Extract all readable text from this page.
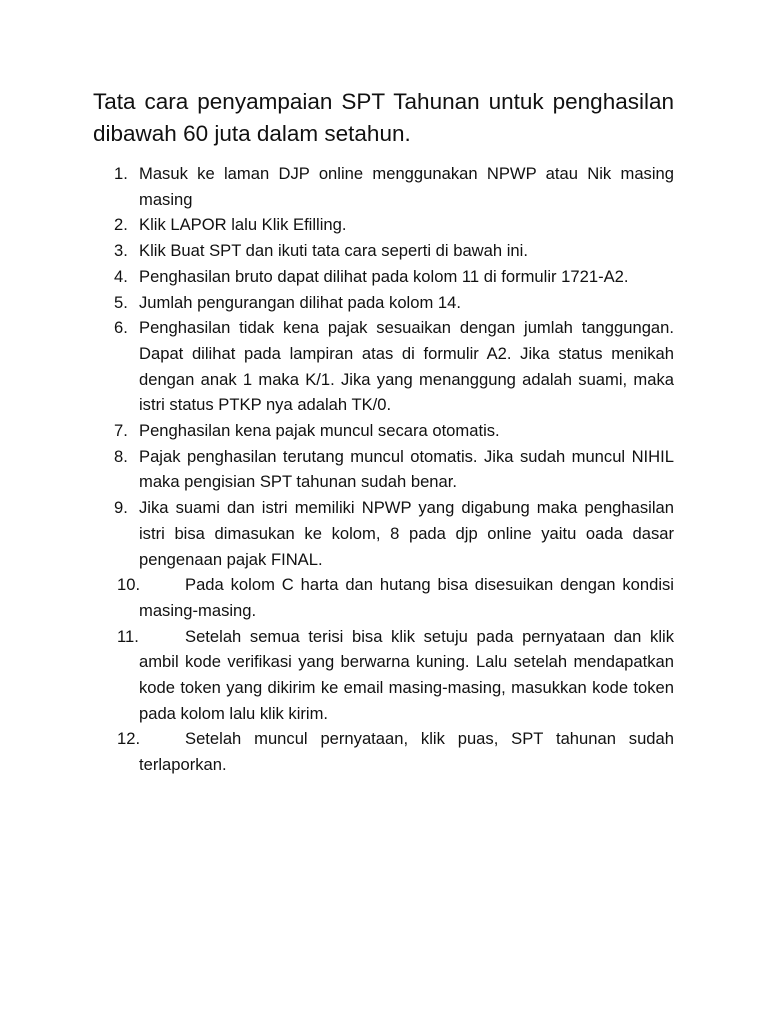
Tata cara penyampaian SPT Tahunan untuk penghasilan dibawah 60 juta dalam setahun.
1. Masuk ke laman DJP online menggunakan NPWP atau Nik masing masing
2. Klik LAPOR lalu Klik Efilling.
3. Klik Buat SPT dan ikuti tata cara seperti di bawah ini.
4. Penghasilan bruto dapat dilihat pada kolom 11 di formulir 1721-A2.
5. Jumlah pengurangan dilihat pada kolom 14.
6. Penghasilan tidak kena pajak sesuaikan dengan jumlah tanggungan. Dapat dilihat pada lampiran atas di formulir A2. Jika status menikah dengan anak 1 maka K/1. Jika yang menanggung adalah suami, maka istri status PTKP nya adalah TK/0.
7. Penghasilan kena pajak muncul secara otomatis.
8. Pajak penghasilan terutang muncul otomatis. Jika sudah muncul NIHIL maka pengisian SPT tahunan sudah benar.
9. Jika suami dan istri memiliki NPWP yang digabung maka penghasilan istri bisa dimasukan ke kolom, 8 pada djp online yaitu oada dasar pengenaan pajak FINAL.
10.	Pada kolom C harta dan hutang bisa disesuikan dengan kondisi masing-masing.
11.	Setelah semua terisi bisa klik setuju pada pernyataan dan klik ambil kode verifikasi yang berwarna kuning. Lalu setelah mendapatkan kode token yang dikirim ke email masing-masing, masukkan kode token pada kolom lalu klik kirim.
12.	Setelah muncul pernyataan, klik puas, SPT tahunan sudah terlaporkan.
